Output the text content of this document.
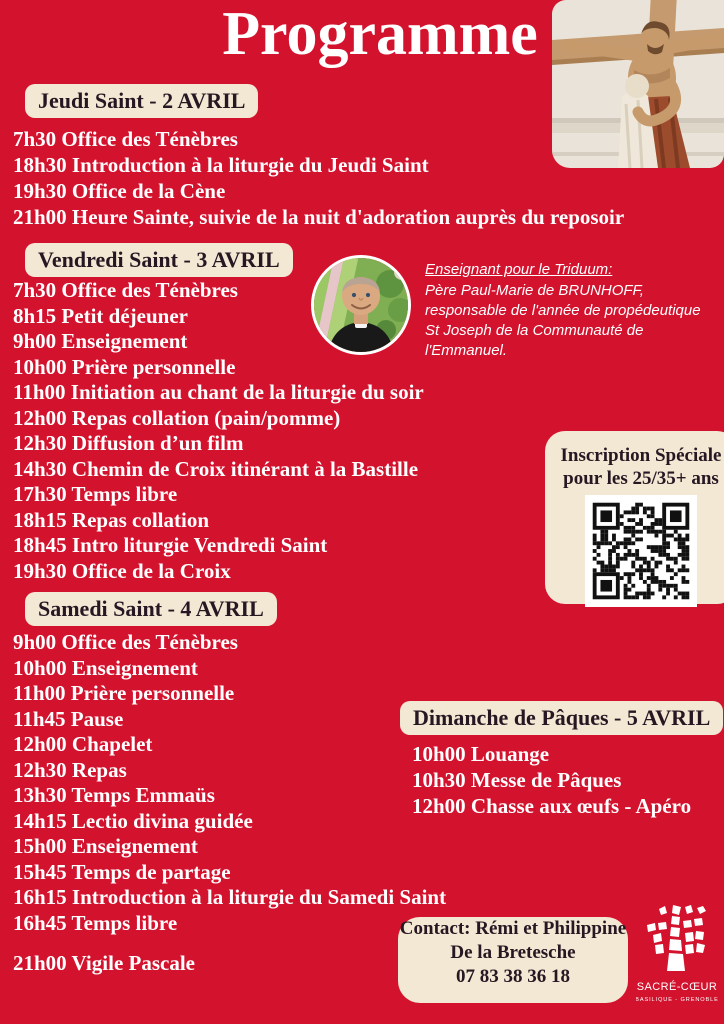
Programme
Jeudi Saint - 2 AVRIL
7h30 Office des Ténèbres
18h30 Introduction à la liturgie du Jeudi Saint
19h30 Office de la Cène
21h00 Heure Sainte, suivie de la nuit d'adoration auprès du reposoir
Vendredi Saint - 3 AVRIL
7h30 Office des Ténèbres
8h15 Petit déjeuner
9h00 Enseignement
10h00 Prière personnelle
11h00 Initiation au chant de la liturgie du soir
12h00 Repas collation (pain/pomme)
12h30 Diffusion d’un film
14h30 Chemin de Croix itinérant à la Bastille
17h30 Temps libre
18h15 Repas collation
18h45 Intro liturgie Vendredi Saint
19h30 Office de la Croix
Enseignant pour le Triduum:
Père Paul-Marie de BRUNHOFF,
responsable de l'année de propédeutique
St Joseph de la Communauté de
l'Emmanuel.
Inscription Spéciale
pour les 25/35+ ans
Samedi Saint - 4 AVRIL
9h00 Office des Ténèbres
10h00 Enseignement
11h00 Prière personnelle
11h45 Pause
12h00 Chapelet
12h30 Repas
13h30 Temps Emmaüs
14h15 Lectio divina guidée
15h00 Enseignement
15h45 Temps de partage
16h15 Introduction à la liturgie du Samedi Saint
16h45 Temps libre
21h00 Vigile Pascale
Dimanche de Pâques - 5 AVRIL
10h00 Louange
10h30 Messe de Pâques
12h00 Chasse aux œufs - Apéro
Contact: Rémi et Philippine
De la Bretesche
07 83 38 36 18	SACRÉ-CŒUR
BASILIQUE - GRENOBLE
